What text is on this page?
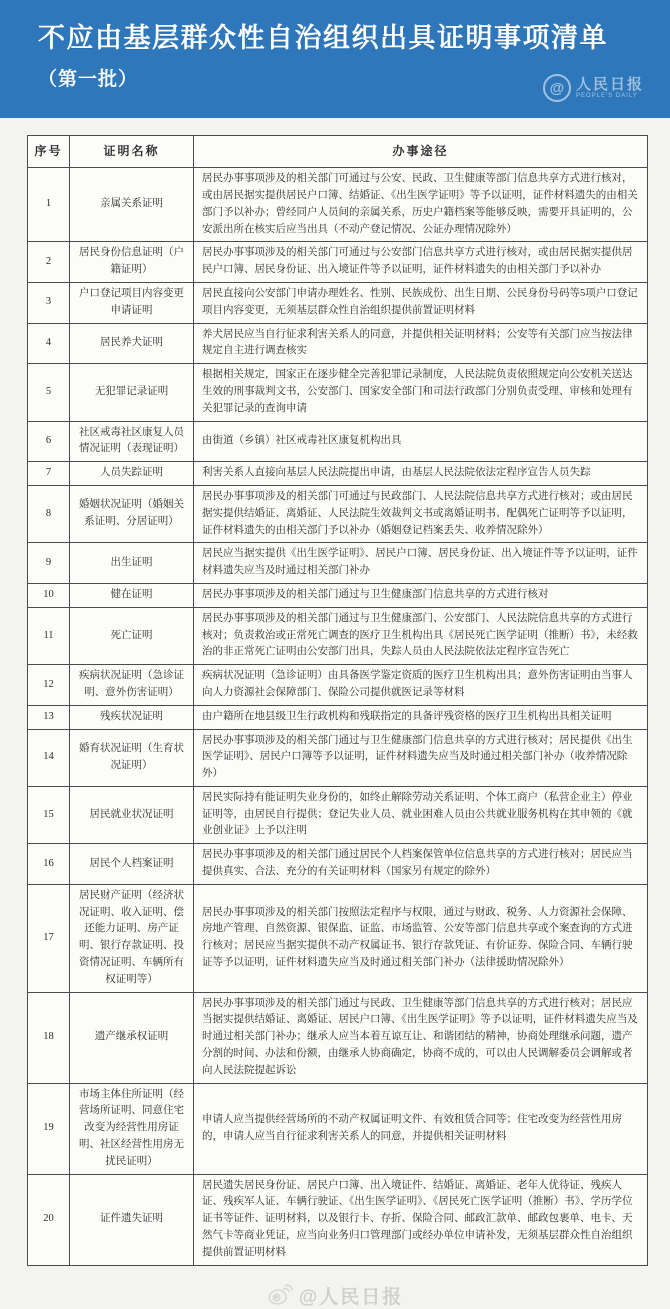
不应由基层群众性自治组织出具证明事项清单
（第一批）	@ 人民日报
PEOPLE'S DAILY
序号	证明名称	办事途径
1	亲属关系证明	居民办事事项涉及的相关部门可通过与公安、民政、卫生健康等部门信息共享方式进行核对，或由居民据实提供居民户口簿、结婚证、《出生医学证明》等予以证明，证件材料遗失的由相关部门予以补办；曾经同户人员间的亲属关系，历史户籍档案等能够反映，需要开具证明的，公安派出所在核实后应当出具（不动产登记情况、公证办理情况除外）
2	居民身份信息证明（户籍证明）	居民办事事项涉及的相关部门可通过与公安部门信息共享方式进行核对，或由居民据实提供居民户口簿、居民身份证、出入境证件等予以证明，证件材料遗失的由相关部门予以补办
3	户口登记项目内容变更申请证明	居民直接向公安部门申请办理姓名、性别、民族成份、出生日期、公民身份号码等5项户口登记项目内容变更，无须基层群众性自治组织提供前置证明材料
4	居民养犬证明	养犬居民应当自行征求利害关系人的同意，并提供相关证明材料；公安等有关部门应当按法律规定自主进行调查核实
5	无犯罪记录证明	根据相关规定，国家正在逐步健全完善犯罪记录制度，人民法院负责依照规定向公安机关送达生效的刑事裁判文书，公安部门、国家安全部门和司法行政部门分别负责受理、审核和处理有关犯罪记录的查询申请
6	社区戒毒社区康复人员情况证明（表现证明）	由街道（乡镇）社区戒毒社区康复机构出具
7	人员失踪证明	利害关系人直接向基层人民法院提出申请，由基层人民法院依法定程序宣告人员失踪
8	婚姻状况证明（婚姻关系证明、分居证明）	居民办事事项涉及的相关部门可通过与民政部门、人民法院信息共享方式进行核对；或由居民据实提供结婚证、离婚证、人民法院生效裁判文书或离婚证明书、配偶死亡证明等予以证明，证件材料遗失的由相关部门予以补办（婚姻登记档案丢失、收养情况除外）
9	出生证明	居民应当据实提供《出生医学证明》、居民户口簿、居民身份证、出入境证件等予以证明，证件材料遗失应当及时通过相关部门补办
10	健在证明	居民办事事项涉及的相关部门通过与卫生健康部门信息共享的方式进行核对
11	死亡证明	居民办事事项涉及的相关部门通过与卫生健康部门、公安部门、人民法院信息共享的方式进行核对；负责救治或正常死亡调查的医疗卫生机构出具《居民死亡医学证明（推断）书》，未经救治的非正常死亡证明由公安部门出具，失踪人员由人民法院依法定程序宣告死亡
12	疾病状况证明（急诊证明、意外伤害证明）	疾病状况证明（急诊证明）由具备医学鉴定资质的医疗卫生机构出具；意外伤害证明由当事人向人力资源社会保障部门、保险公司提供就医记录等材料
13	残疾状况证明	由户籍所在地县级卫生行政机构和残联指定的具备评残资格的医疗卫生机构出具相关证明
14	婚育状况证明（生育状况证明）	居民办事事项涉及的相关部门通过与卫生健康部门信息共享的方式进行核对；居民提供《出生医学证明》、居民户口簿等予以证明，证件材料遗失应当及时通过相关部门补办（收养情况除外）
15	居民就业状况证明	居民实际持有能证明失业身份的，如终止解除劳动关系证明、个体工商户（私营企业主）停业证明等，由居民自行提供；登记失业人员、就业困难人员由公共就业服务机构在其申领的《就业创业证》上予以注明
16	居民个人档案证明	居民办事事项涉及的相关部门通过居民个人档案保管单位信息共享的方式进行核对；居民应当提供真实、合法、充分的有关证明材料（国家另有规定的除外）
17	居民财产证明（经济状况证明、收入证明、偿还能力证明、房产证明、银行存款证明、投资情况证明、车辆所有权证明等）	居民办事事项涉及的相关部门按照法定程序与权限，通过与财政、税务、人力资源社会保障、房地产管理、自然资源、银保监、证监、市场监管、公安等部门信息共享或个案查询的方式进行核对；居民应当据实提供不动产权属证书、银行存款凭证、有价证券、保险合同、车辆行驶证等予以证明，证件材料遗失应当及时通过相关部门补办（法律援助情况除外）
18	遗产继承权证明	居民办事事项涉及的相关部门通过与民政、卫生健康等部门信息共享的方式进行核对；居民应当据实提供结婚证、离婚证、居民户口簿、《出生医学证明》等予以证明，证件材料遗失应当及时通过相关部门补办；继承人应当本着互谅互让、和谐团结的精神，协商处理继承问题，遗产分割的时间、办法和份额，由继承人协商确定，协商不成的，可以由人民调解委员会调解或者向人民法院提起诉讼
19	市场主体住所证明（经营场所证明、同意住宅改变为经营性用房证明、社区经营性用房无扰民证明）	申请人应当提供经营场所的不动产权属证明文件、有效租赁合同等；住宅改变为经营性用房的，申请人应当自行征求利害关系人的同意，并提供相关证明材料
20	证件遗失证明	居民遗失居民身份证、居民户口簿、出入境证件、结婚证、离婚证、老年人优待证、残疾人证、残疾军人证、车辆行驶证、《出生医学证明》、《居民死亡医学证明（推断）书》、学历学位证书等证件、证明材料，以及银行卡、存折、保险合同、邮政汇款单、邮政包裹单、电卡、天然气卡等商业凭证，应当向业务归口管理部门或经办单位申请补发，无须基层群众性自治组织提供前置证明材料
@人民日报
